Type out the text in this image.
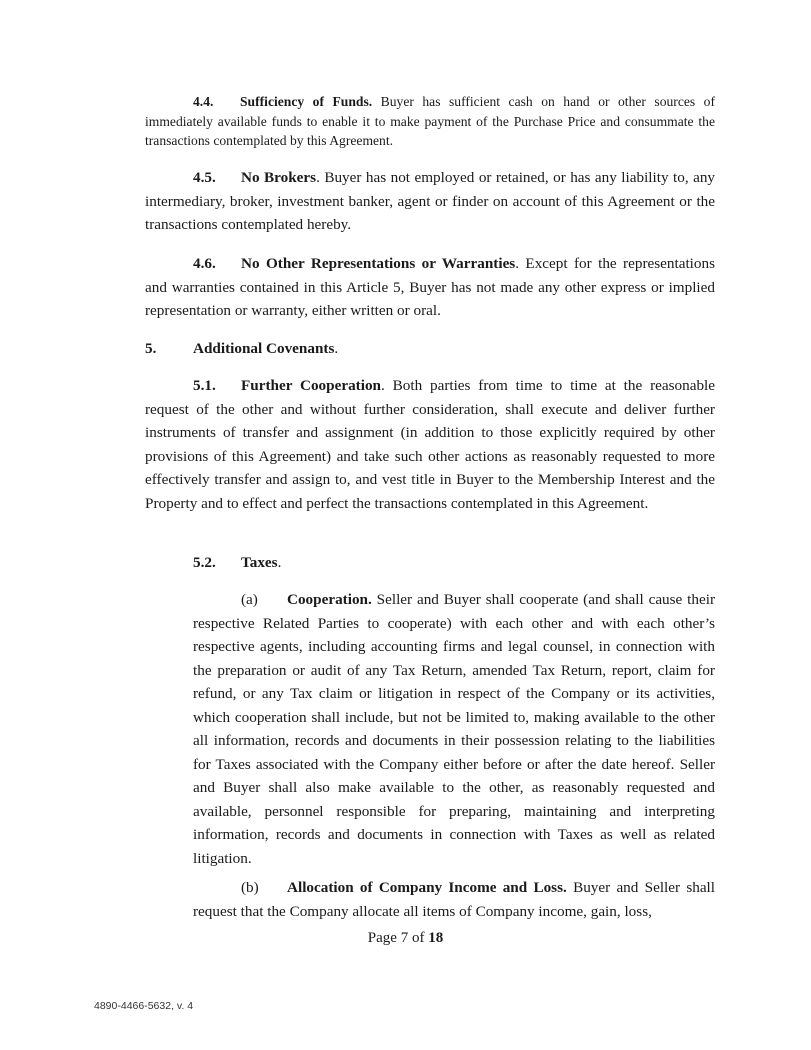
4.4. Sufficiency of Funds. Buyer has sufficient cash on hand or other sources of immediately available funds to enable it to make payment of the Purchase Price and consummate the transactions contemplated by this Agreement.

4.5. No Brokers. Buyer has not employed or retained, or has any liability to, any intermediary, broker, investment banker, agent or finder on account of this Agreement or the transactions contemplated hereby.

4.6. No Other Representations or Warranties. Except for the representations and warranties contained in this Article 5, Buyer has not made any other express or implied representation or warranty, either written or oral.

5. Additional Covenants.

5.1. Further Cooperation. Both parties from time to time at the reasonable request of the other and without further consideration, shall execute and deliver further instruments of transfer and assignment (in addition to those explicitly required by other provisions of this Agreement) and take such other actions as reasonably requested to more effectively transfer and assign to, and vest title in Buyer to the Membership Interest and the Property and to effect and perfect the transactions contemplated in this Agreement.

5.2. Taxes.

(a) Cooperation. Seller and Buyer shall cooperate (and shall cause their respective Related Parties to cooperate) with each other and with each other’s respective agents, including accounting firms and legal counsel, in connection with the preparation or audit of any Tax Return, amended Tax Return, report, claim for refund, or any Tax claim or litigation in respect of the Company or its activities, which cooperation shall include, but not be limited to, making available to the other all information, records and documents in their possession relating to the liabilities for Taxes associated with the Company either before or after the date hereof. Seller and Buyer shall also make available to the other, as reasonably requested and available, personnel responsible for preparing, maintaining and interpreting information, records and documents in connection with Taxes as well as related litigation.

(b) Allocation of Company Income and Loss. Buyer and Seller shall request that the Company allocate all items of Company income, gain, loss,

Page 7 of 18
4890-4466-5632, v. 4
